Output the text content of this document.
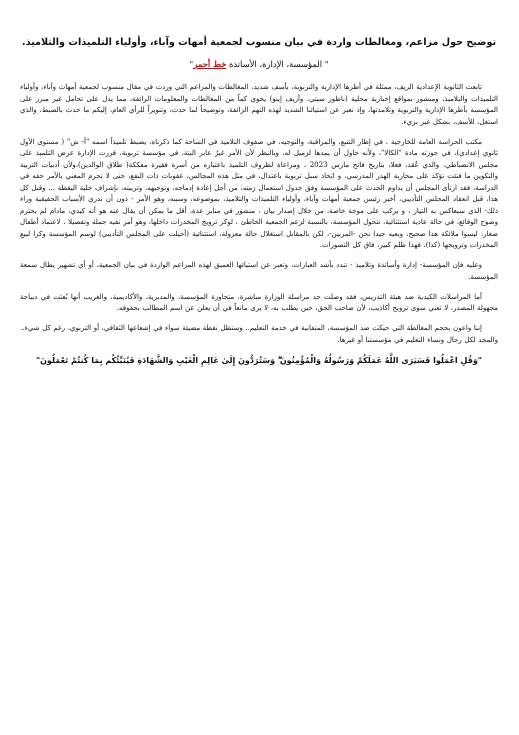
توضيح حول مزاعم، ومغالطات واردة في بيان منسوب لجمعية أمهات وآباء، وأولياء التلميذات والتلاميذ.
" المؤسسة، الإدارة، الأساتذة خط أحمر"

تابعت الثانوية الإعدادية الريف، ممثلة في أطرها الإدارية والتربوية، بأسف شديد، المغالطات والمزاعم التي وردت في مقال منسوب لجمعية أمهات وآباء، وأولياء التلميذات والتلاميذ، ومنشور بمواقع إخبارية محلية (ناظور سيتي، وأريف إينو) يحوي كماً من المغالطات والمعلومات الزائفة، مما يدل على تحامل غير مبرر على المؤسسة بأطرها الإدارية والتربوية وتلامذتها، وإذ نعبر عن استيائنا الشديد لهذه التهم الزائفة، وتوضيحاً لما حدث، وتنويراً للرأي العام، إليكم ما حدث بالضبط، والذي استغل، للأسف، بشكل غير بريء.

مكتب الحراسة العامة للخارجية ، في إطار التتبع، والمراقبة، والتوجيه، في صفوف التلاميذ في الساحة كما ذكرناه، يضبط تلميذاً اسمه "أ- ش" ( مستوى الأول ثانوي إعدادي)، في حوزته مادة "الكالا"، ولأنه حاول أن يمدها لزميل له، وبالنظر لأن الأمر غيرُ عابر البتة، في مؤسسة تربوية، قررت الإدارة عرض التلميذ على مجلس الانضباطي، والذي عُقد، فعلا، بتاريخ فاتح مارس 2023 ، ومراعاة لظروف التلميذ باعتباره من أسرة فقيرة مفككة( طلاق الوالدين)،ولأن أدبيات التربية والتكوين ما فتئت تؤكد على محاربة الهدر المدرسي، و اتخاذ سبل تربوية باعتدال، في مثل هذه المجالس، عقوبات ذات النفع، حتى لا تحرم المعني بالأمر حقه في الدراسة، فقد ارتأى المجلس أن يداوم الحدث على المؤسسة وفق جدول استعمال زمنه، من أجل إعادة إدماجه، وتوجيهه، وتربيته، بإشراف خلية اليقظة ... وقبل كل هذا، قبل انعقاد المجلس التأديبي، أخبر رئيس جمعية أمهات وآباء، وأولياء التلميذات والتلاميذ، بموضوعه، وسببه، وهو الأمر - دون أن ندري الأسباب الحقيقية وراء ذلك- الذي سيعاكس به التيار ، و يركب على موجة خاصة، من خلال إصدار بيان ، منشور في منابر عدة، أقل ما يمكن أن يقال عنه هو أنه كيدي، مادام لم يحترم وضوح الوقائع، في حالة عادية استثنائية، تتحول المؤسسة، بالنسبة لزعم الجمعية الخاطئ ، لوكر ترويج المخدرات داخلها، وهو أمر نفيه جملة وتفصيلا ، لاعتماد أطفال صغار، ليسوا ملائكة هذا صحيح، وبعيه جيدا نحن -المربين-، لكن بالمقابل استغلال حالة معزولة، استثنائية (أحيلت على المجلس التأديبي) لوسم المؤسسة وكرا لبيع المخدرات وترويجها (كذا)، فهذا ظلم كبير، فاق كل التصورات.

وعليه فإن المؤسسة- إدارة وأساتذة وتلاميذ - تندد بأشد العبارات، وتعبر عن استيائها العميق لهذه المزاعم الواردة في بيان الجمعية، أو أي تشهير يطال سمعة المؤسسة.

أما المراسلات الكيدية ضد هيئة التدريس، فقد وصلت حد مراسلة الوزارة مباشرة، متجاوزة المؤسسة، والمديرية، والأكاديمية، والغريب أنها بُعثت في ديباجة مجهولة المصدر، لا تعني سوى ترويج أكاذيب، لأن صاحب الحق، حين يطلب به، لا يرى مانعاً في أن يعلن عن اسم المطالب بحقوقه.

إننا واعون بحجم المغالطة التي حيكت ضد المؤسسة، المتفانية في خدمة التعليم.. وستظل نقطة مضيئة سواء في إشعاعها الثقافي، أو التربوي، رغم كل شيء.. والمجد لكل رجال ونساء التعليم في مؤسستنا أو غيرها.

"وَقُلِ اعْمَلُوا فَسَيَرَى اللَّهُ عَمَلَكُمْ وَرَسُولُهُ وَالْمُؤْمِنُونَ ۖ وَسَتُرَدُّونَ إِلَىٰ عَالِمِ الْغَيْبِ وَالشَّهَادَةِ فَيُنَبِّئُكُم بِمَا كُنتُمْ تَعْمَلُونَ"
